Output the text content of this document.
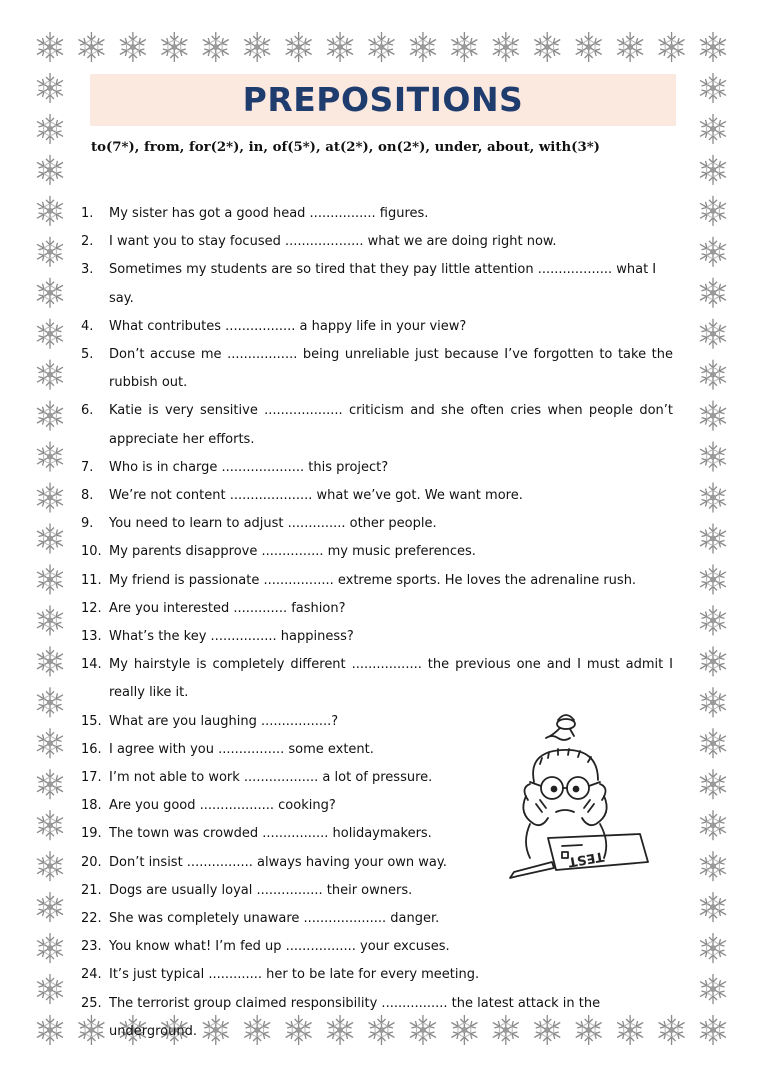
PREPOSITIONS
to(7*), from, for(2*), in, of(5*), at(2*), on(2*), under, about, with(3*)
1.	My sister has got a good head ................ figures.
2.	I want you to stay focused ................... what we are doing right now.
3.	Sometimes my students are so tired that they pay little attention .................. what I say.
4.	What contributes ................. a happy life in your view?
5.	Don’t accuse me ................. being unreliable just because I’ve forgotten to take the rubbish out.
6.	Katie is very sensitive ................... criticism and she often cries when people don’t appreciate her efforts.
7.	Who is in charge .................... this project?
8.	We’re not content .................... what we’ve got. We want more.
9.	You need to learn to adjust .............. other people.
10. My parents disapprove ............... my music preferences.
11. My friend is passionate ................. extreme sports. He loves the adrenaline rush.
12. Are you interested ............. fashion?
13. What’s the key ................ happiness?
14. My hairstyle is completely different ................. the previous one and I must admit I really like it.
15. What are you laughing .................?
16. I agree with you ................ some extent.
17. I’m not able to work .................. a lot of pressure.
18. Are you good .................. cooking?
19. The town was crowded ................ holidaymakers.
20. Don’t insist ................ always having your own way.
21. Dogs are usually loyal ................ their owners.
22. She was completely unaware .................... danger.
23. You know what! I’m fed up ................. your excuses.
24. It’s just typical ............. her to be late for every meeting.
25. The terrorist group claimed responsibility ................ the latest attack in the underground.
TEST
